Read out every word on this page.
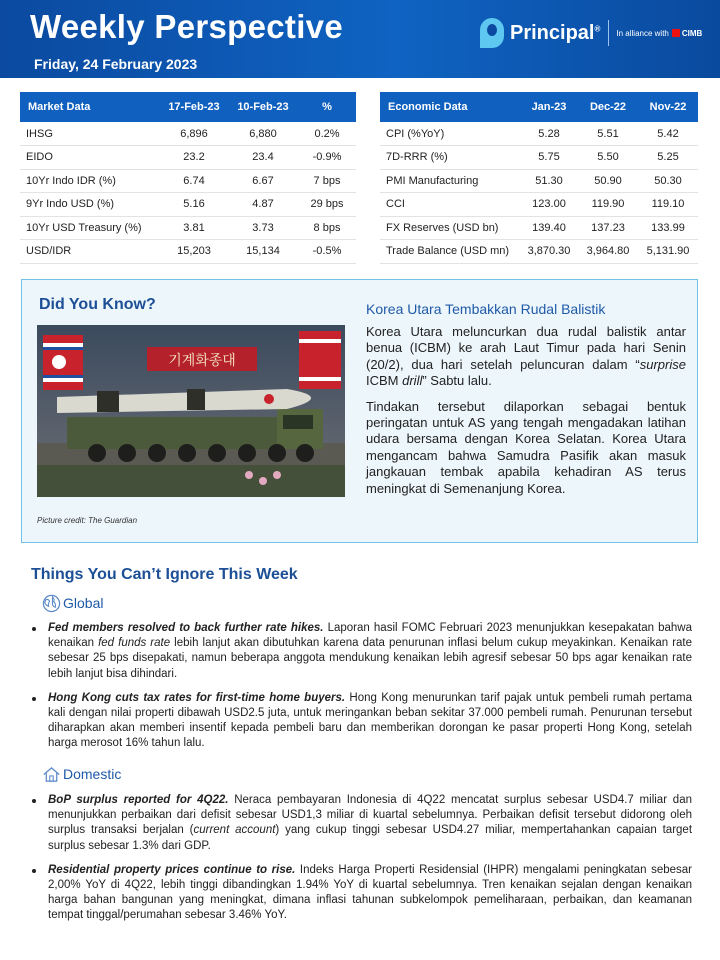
Weekly Perspective
Friday, 24 February 2023
Principal®
In alliance with CIMB
Market Data	17-Feb-23	10-Feb-23	%
IHSG	6,896	6,880	0.2%
EIDO	23.2	23.4	-0.9%
10Yr Indo IDR (%)	6.74	6.67	7 bps
9Yr Indo USD (%)	5.16	4.87	29 bps
10Yr USD Treasury (%)	3.81	3.73	8 bps
USD/IDR	15,203	15,134	-0.5%
Economic Data	Jan-23	Dec-22	Nov-22
CPI (%YoY)	5.28	5.51	5.42
7D-RRR (%)	5.75	5.50	5.25
PMI Manufacturing	51.30	50.90	50.30
CCI	123.00	119.90	119.10
FX Reserves (USD bn)	139.40	137.23	133.99
Trade Balance (USD mn)	3,870.30	3,964.80	5,131.90
Did You Know?
기계화종대
Picture credit: The Guardian
Korea Utara Tembakkan Rudal Balistik

Korea Utara meluncurkan dua rudal balistik antar benua (ICBM) ke arah Laut Timur pada hari Senin (20/2), dua hari setelah peluncuran dalam “surprise ICBM drill” Sabtu lalu.

Tindakan tersebut dilaporkan sebagai bentuk peringatan untuk AS yang tengah mengadakan latihan udara bersama dengan Korea Selatan. Korea Utara mengancam bahwa Samudra Pasifik akan masuk jangkauan tembak apabila kehadiran AS terus meningkat di Semenanjung Korea.

Things You Can’t Ignore This Week
Global
Fed members resolved to back further rate hikes. Laporan hasil FOMC Februari 2023 menunjukkan kesepakatan bahwa kenaikan fed funds rate lebih lanjut akan dibutuhkan karena data penurunan inflasi belum cukup meyakinkan. Kenaikan rate sebesar 25 bps disepakati, namun beberapa anggota mendukung kenaikan lebih agresif sebesar 50 bps agar kenaikan rate lebih lanjut bisa dihindari.
Hong Kong cuts tax rates for first-time home buyers. Hong Kong menurunkan tarif pajak untuk pembeli rumah pertama kali dengan nilai properti dibawah USD2.5 juta, untuk meringankan beban sekitar 37.000 pembeli rumah. Penurunan tersebut diharapkan akan memberi insentif kepada pembeli baru dan memberikan dorongan ke pasar properti Hong Kong, setelah harga merosot 16% tahun lalu.
Domestic
BoP surplus reported for 4Q22. Neraca pembayaran Indonesia di 4Q22 mencatat surplus sebesar USD4.7 miliar dan menunjukkan perbaikan dari defisit sebesar USD1,3 miliar di kuartal sebelumnya. Perbaikan defisit tersebut didorong oleh surplus transaksi berjalan (current account) yang cukup tinggi sebesar USD4.27 miliar, mempertahankan capaian target surplus sebesar 1.3% dari GDP.
Residential property prices continue to rise. Indeks Harga Properti Residensial (IHPR) mengalami peningkatan sebesar 2,00% YoY di 4Q22, lebih tinggi dibandingkan 1.94% YoY di kuartal sebelumnya. Tren kenaikan sejalan dengan kenaikan harga bahan bangunan yang meningkat, dimana inflasi tahunan subkelompok pemeliharaan, perbaikan, dan keamanan tempat tinggal/perumahan sebesar 3.46% YoY.
